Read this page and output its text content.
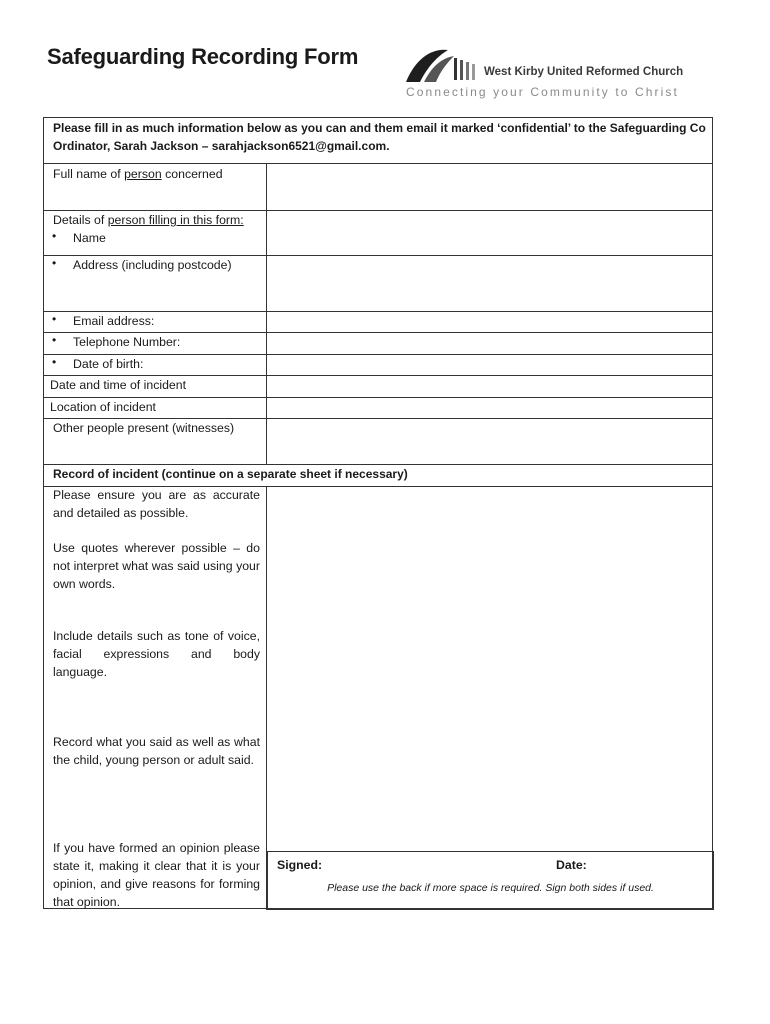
Safeguarding Recording Form
West Kirby United Reformed Church
Connecting your Community to Christ
Please fill in as much information below as you can and them email it marked ‘confidential’ to the Safeguarding Co Ordinator, Sarah Jackson – sarahjackson6521@gmail.com.
Full name of person concerned
Details of person filling in this form:
• Name
• Address (including postcode)
• Email address:
• Telephone Number:
• Date of birth:
Date and time of incident
Location of incident
Other people present (witnesses)
Record of incident (continue on a separate sheet if necessary)
Please ensure you are as accurate and detailed as possible.
Use quotes wherever possible – do not interpret what was said using your own words.
Include details such as tone of voice, facial expressions and body language.
Record what you said as well as what the child, young person or adult said.
If you have formed an opinion please state it, making it clear that it is your opinion, and give reasons for forming that opinion.
Signed:	Date:
Please use the back if more space is required. Sign both sides if used.
